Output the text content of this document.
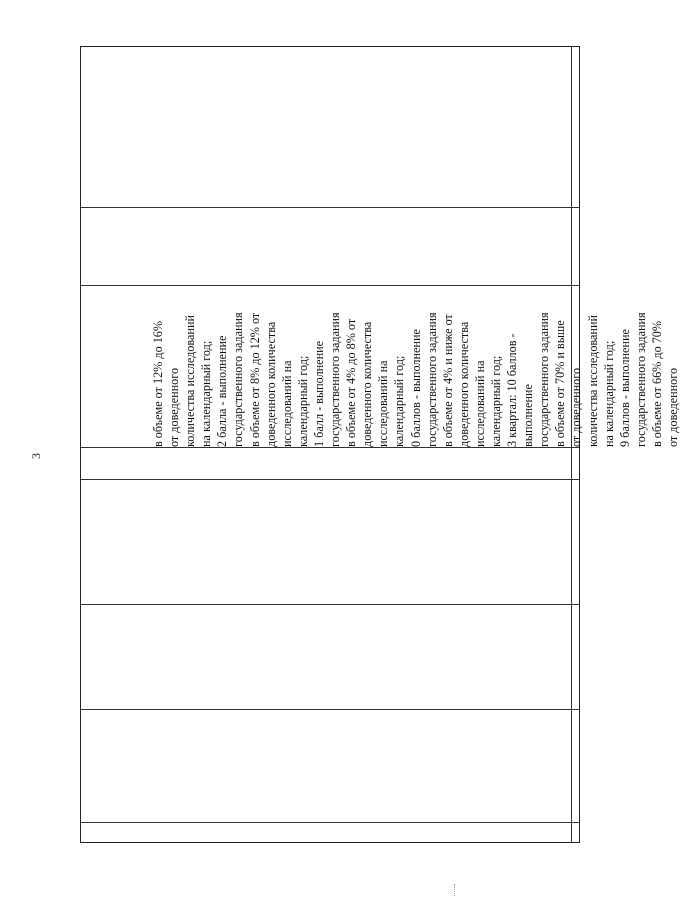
3
в объеме от 12% до 16% от доведенного количества исследований на календарный год; 2 балла - выполнение государственного задания в объеме от 8% до 12% от доведенного количества исследований на календарный год; 1 балл - выполнение государственного задания в объеме от 4% до 8% от доведенного количества исследований на календарный год; 0 баллов - выполнение государственного задания в объеме от 4% и ниже от доведенного количества исследований на календарный год; 3 квартал: 10 баллов - выполнение государственного задания в объеме от 70% и выше от доведенного количества исследований на календарный год; 9 баллов - выполнение государственного задания в объеме от 66% до 70% от доведенного
